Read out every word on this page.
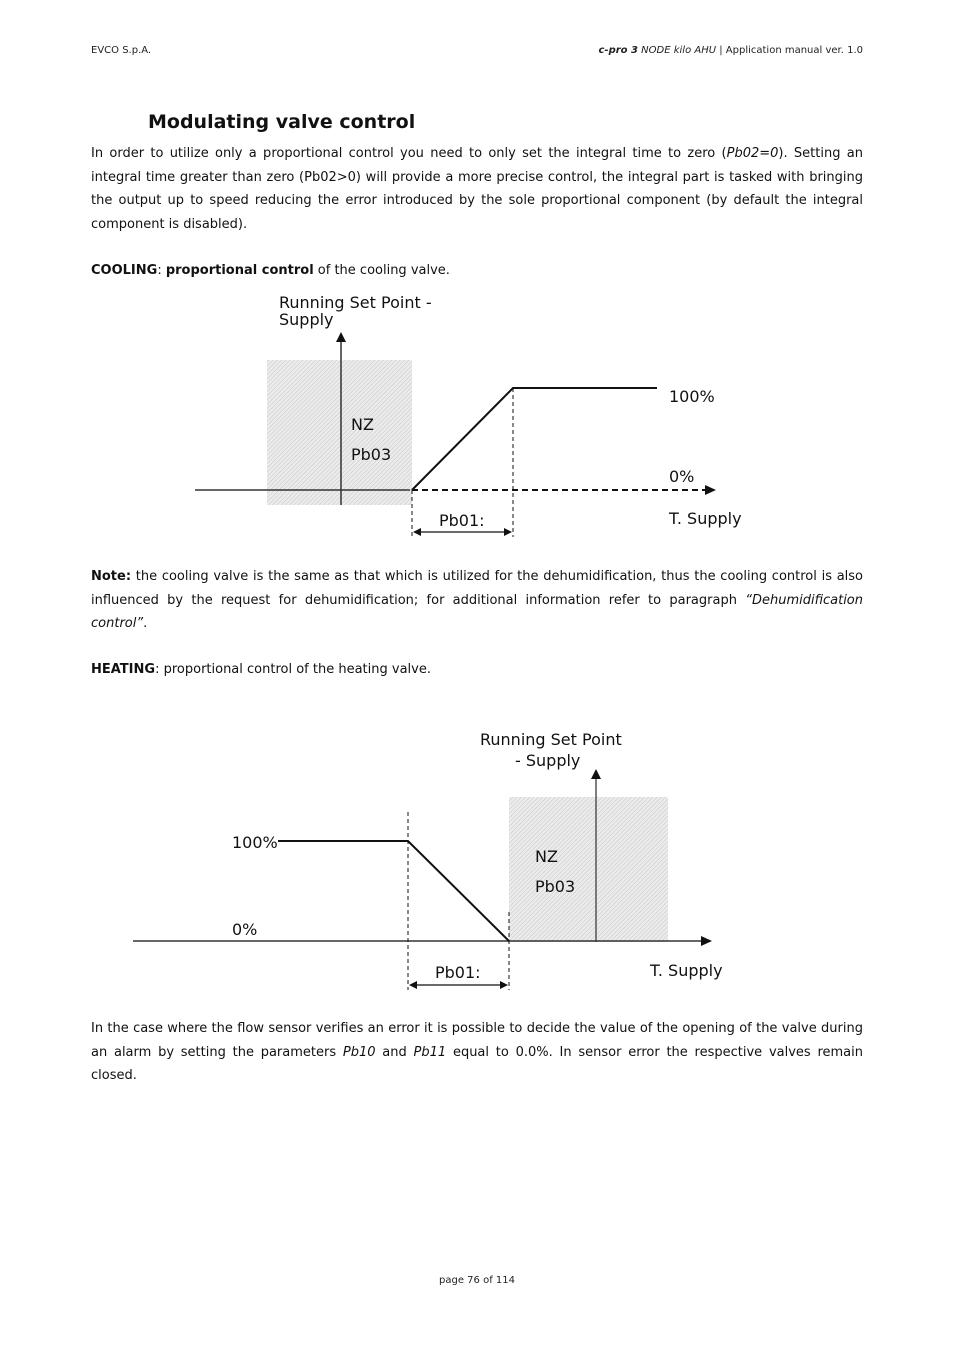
EVCO S.p.A.	c-pro 3 NODE kilo AHU | Application manual ver. 1.0
Modulating valve control

In order to utilize only a proportional control you need to only set the integral time to zero (Pb02=0). Setting an integral time greater than zero (Pb02>0) will provide a more precise control, the integral part is tasked with bringing the output up to speed reducing the error introduced by the sole proportional component (by default the integral component is disabled).

COOLING: proportional control of the cooling valve.

Running Set Point -
Supply
NZ
Pb03
100%
0%
Pb01:	T. Supply

Note: the cooling valve is the same as that which is utilized for the dehumidification, thus the cooling control is also influenced by the request for dehumidification; for additional information refer to paragraph “Dehumidification control”.

HEATING: proportional control of the heating valve.

Running Set Point
- Supply
NZ
Pb03
100%
0%
Pb01:	T. Supply

In the case where the flow sensor verifies an error it is possible to decide the value of the opening of the valve during an alarm by setting the parameters Pb10 and Pb11 equal to 0.0%. In sensor error the respective valves remain closed.

page 76 of 114
